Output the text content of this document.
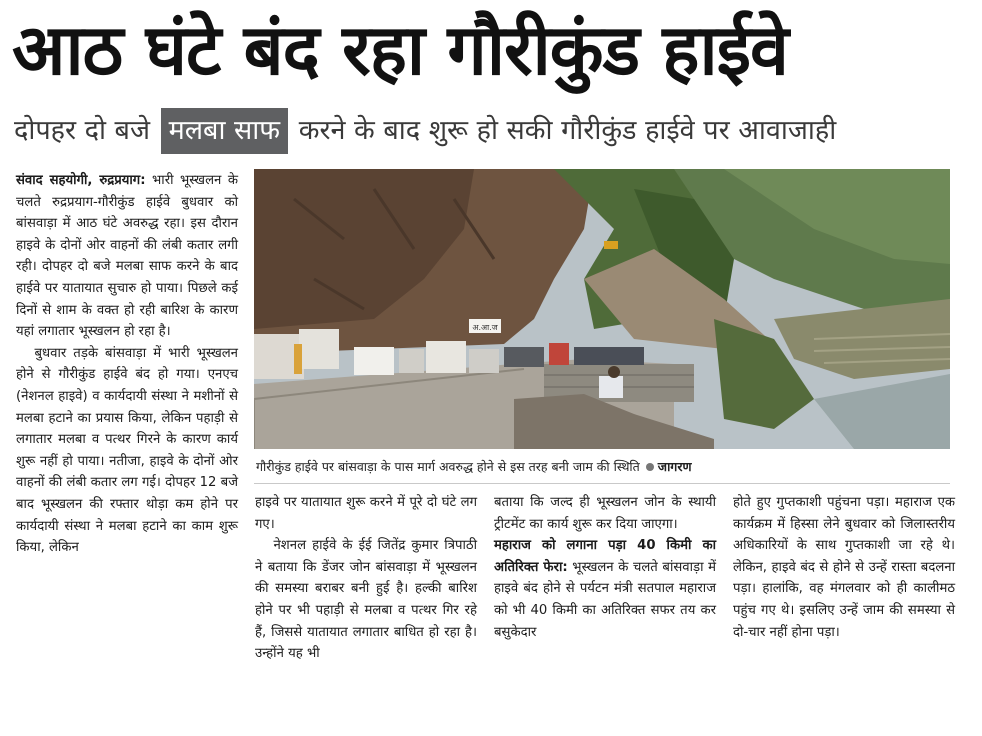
आठ घंटे बंद रहा गौरीकुंड हाईवे
दोपहर दो बजे मलबा साफ करने के बाद शुरू हो सकी गौरीकुंड हाईवे पर आवाजाही

संवाद सहयोगी, रुद्रप्रयाग: भारी भूस्खलन के चलते रुद्रप्रयाग-गौरीकुंड हाईवे बुधवार को बांसवाड़ा में आठ घंटे अवरुद्ध रहा। इस दौरान हाइवे के दोनों ओर वाहनों की लंबी कतार लगी रही। दोपहर दो बजे मलबा साफ करने के बाद हाईवे पर यातायात सुचारु हो पाया। पिछले कई दिनों से शाम के वक्त हो रही बारिश के कारण यहां लगातार भूस्खलन हो रहा है।

बुधवार तड़के बांसवाड़ा में भारी भूस्खलन होने से गौरीकुंड हाईवे बंद हो गया। एनएच (नेशनल हाइवे) व कार्यदायी संस्था ने मशीनों से मलबा हटाने का प्रयास किया, लेकिन पहाड़ी से लगातार मलबा व पत्थर गिरने के कारण कार्य शुरू नहीं हो पाया। नतीजा, हाइवे के दोनों ओर वाहनों की लंबी कतार लग गई। दोपहर 12 बजे बाद भूस्खलन की रफ्तार थोड़ा कम होने पर कार्यदायी संस्था ने मलबा हटाने का काम शुरू किया, लेकिन

अ.आ.ज
गौरीकुंड हाईवे पर बांसवाड़ा के पास मार्ग अवरुद्ध होने से इस तरह बनी जाम की स्थिति जागरण

हाइवे पर यातायात शुरू करने में पूरे दो घंटे लग गए।

नेशनल हाईवे के ईई जितेंद्र कुमार त्रिपाठी ने बताया कि डेंजर जोन बांसवाड़ा में भूस्खलन की समस्या बराबर बनी हुई है। हल्की बारिश होने पर भी पहाड़ी से मलबा व पत्थर गिर रहे हैं, जिससे यातायात लगातार बाधित हो रहा है। उन्होंने यह भी

बताया कि जल्द ही भूस्खलन जोन के स्थायी ट्रीटमेंट का कार्य शुरू कर दिया जाएगा।

महाराज को लगाना पड़ा 40 किमी का अतिरिक्त फेरा: भूस्खलन के चलते बांसवाड़ा में हाइवे बंद होने से पर्यटन मंत्री सतपाल महाराज को भी 40 किमी का अतिरिक्त सफर तय कर बसुकेदार

होते हुए गुप्तकाशी पहुंचना पड़ा। महाराज एक कार्यक्रम में हिस्सा लेने बुधवार को जिलास्तरीय अधिकारियों के साथ गुप्तकाशी जा रहे थे। लेकिन, हाइवे बंद से होने से उन्हें रास्ता बदलना पड़ा। हालांकि, वह मंगलवार को ही कालीमठ पहुंच गए थे। इसलिए उन्हें जाम की समस्या से दो-चार नहीं होना पड़ा।
